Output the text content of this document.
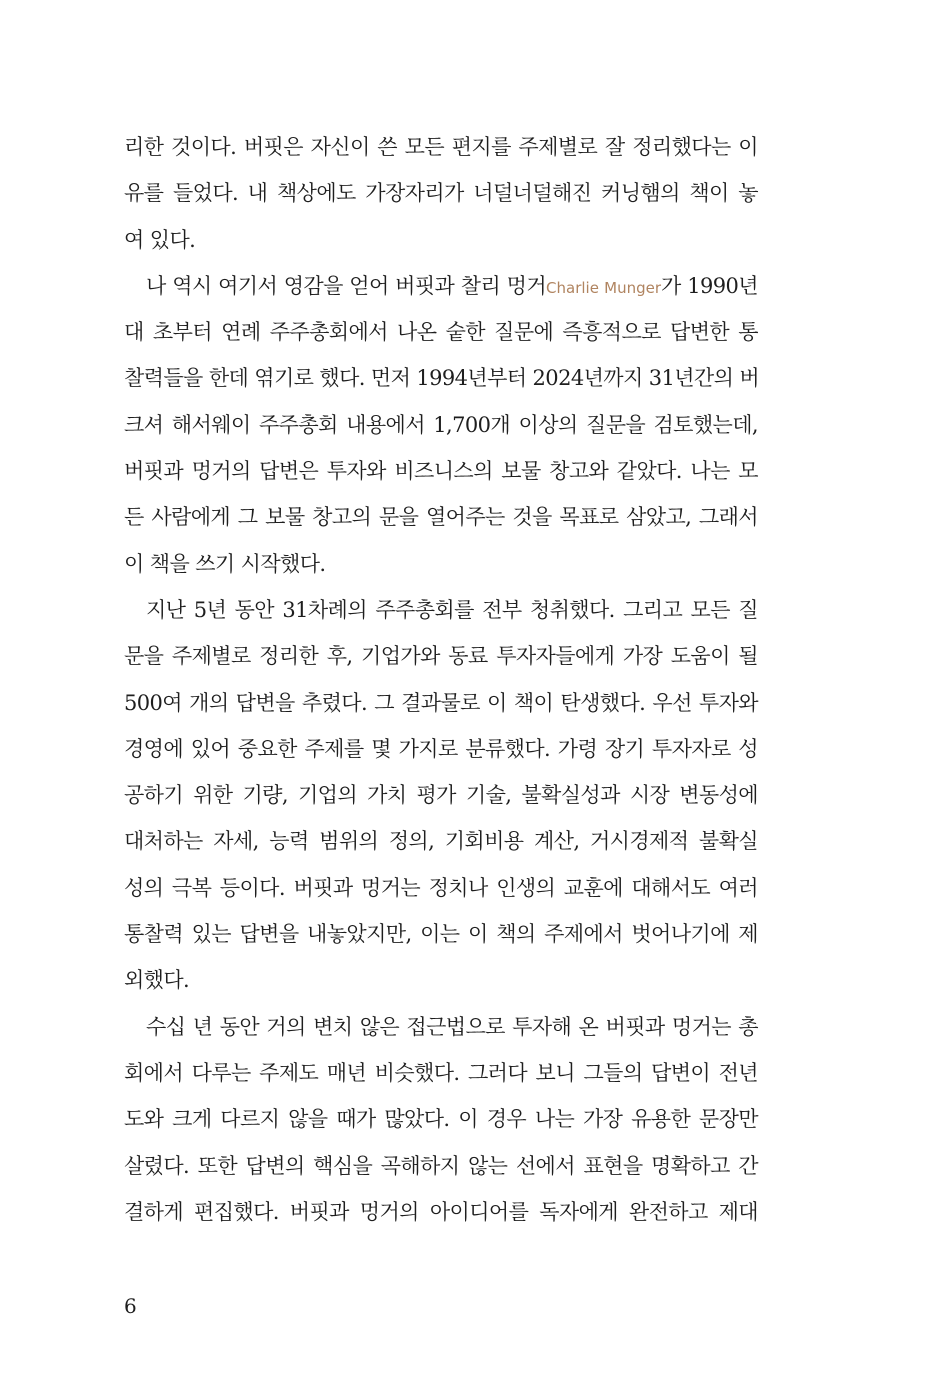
리한 것이다. 버핏은 자신이 쓴 모든 편지를 주제별로 잘 정리했다는 이
유를 들었다. 내 책상에도 가장자리가 너덜너덜해진 커닝햄의 책이 놓
여 있다.
나 역시 여기서 영감을 얻어 버핏과 찰리 멍거Charlie Munger가 1990년
대 초부터 연례 주주총회에서 나온 숱한 질문에 즉흥적으로 답변한 통
찰력들을 한데 엮기로 했다. 먼저 1994년부터 2024년까지 31년간의 버
크셔 해서웨이 주주총회 내용에서 1,700개 이상의 질문을 검토했는데,
버핏과 멍거의 답변은 투자와 비즈니스의 보물 창고와 같았다. 나는 모
든 사람에게 그 보물 창고의 문을 열어주는 것을 목표로 삼았고, 그래서
이 책을 쓰기 시작했다.
지난 5년 동안 31차례의 주주총회를 전부 청취했다. 그리고 모든 질
문을 주제별로 정리한 후, 기업가와 동료 투자자들에게 가장 도움이 될
500여 개의 답변을 추렸다. 그 결과물로 이 책이 탄생했다. 우선 투자와
경영에 있어 중요한 주제를 몇 가지로 분류했다. 가령 장기 투자자로 성
공하기 위한 기량, 기업의 가치 평가 기술, 불확실성과 시장 변동성에
대처하는 자세, 능력 범위의 정의, 기회비용 계산, 거시경제적 불확실
성의 극복 등이다. 버핏과 멍거는 정치나 인생의 교훈에 대해서도 여러
통찰력 있는 답변을 내놓았지만, 이는 이 책의 주제에서 벗어나기에 제
외했다.
수십 년 동안 거의 변치 않은 접근법으로 투자해 온 버핏과 멍거는 총
회에서 다루는 주제도 매년 비슷했다. 그러다 보니 그들의 답변이 전년
도와 크게 다르지 않을 때가 많았다. 이 경우 나는 가장 유용한 문장만
살렸다. 또한 답변의 핵심을 곡해하지 않는 선에서 표현을 명확하고 간
결하게 편집했다. 버핏과 멍거의 아이디어를 독자에게 완전하고 제대
6
